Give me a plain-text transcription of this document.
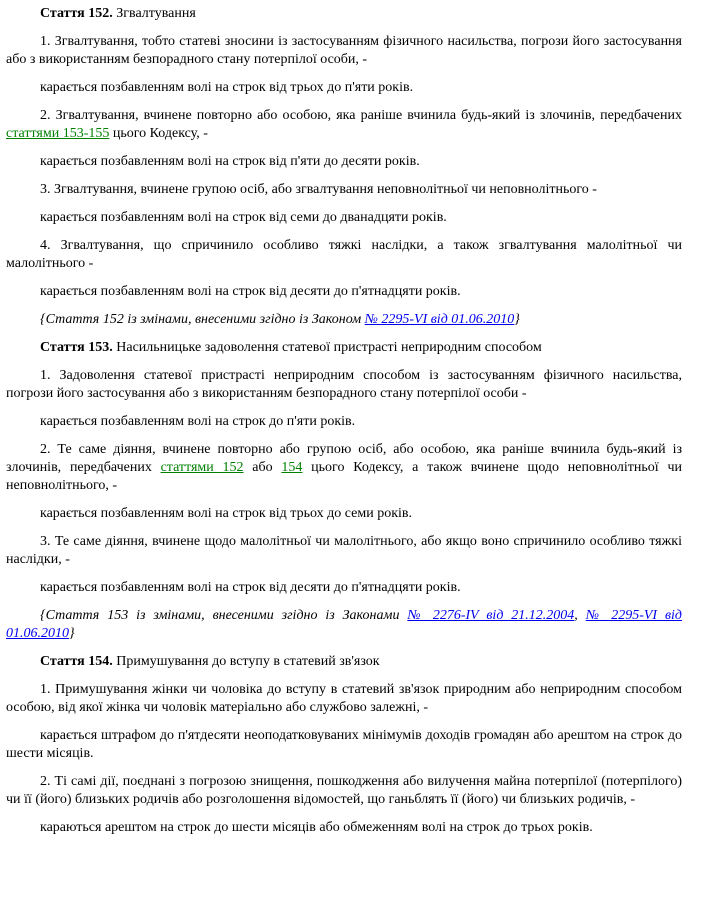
Стаття 152. Згвалтування

1. Згвалтування, тобто статеві зносини із застосуванням фізичного насильства, погрози його застосування або з використанням безпорадного стану потерпілої особи, -

карається позбавленням волі на строк від трьох до п'яти років.

2. Згвалтування, вчинене повторно або особою, яка раніше вчинила будь-який із злочинів, передбачених статтями 153-155 цього Кодексу, -

карається позбавленням волі на строк від п'яти до десяти років.

3. Згвалтування, вчинене групою осіб, або згвалтування неповнолітньої чи неповнолітнього -

карається позбавленням волі на строк від семи до дванадцяти років.

4. Згвалтування, що спричинило особливо тяжкі наслідки, а також згвалтування малолітньої чи малолітнього -

карається позбавленням волі на строк від десяти до п'ятнадцяти років.

{Стаття 152 із змінами, внесеними згідно із Законом № 2295-VI від 01.06.2010}

Стаття 153. Насильницьке задоволення статевої пристрасті неприродним способом

1. Задоволення статевої пристрасті неприродним способом із застосуванням фізичного насильства, погрози його застосування або з використанням безпорадного стану потерпілої особи -

карається позбавленням волі на строк до п'яти років.

2. Те саме діяння, вчинене повторно або групою осіб, або особою, яка раніше вчинила будь-який із злочинів, передбачених статтями 152 або 154 цього Кодексу, а також вчинене щодо неповнолітньої чи неповнолітнього, -

карається позбавленням волі на строк від трьох до семи років.

3. Те саме діяння, вчинене щодо малолітньої чи малолітнього, або якщо воно спричинило особливо тяжкі наслідки, -

карається позбавленням волі на строк від десяти до п'ятнадцяти років.

{Стаття 153 із змінами, внесеними згідно із Законами № 2276-IV від 21.12.2004, № 2295-VI від 01.06.2010}

Стаття 154. Примушування до вступу в статевий зв'язок

1. Примушування жінки чи чоловіка до вступу в статевий зв'язок природним або неприродним способом особою, від якої жінка чи чоловік матеріально або службово залежні, -

карається штрафом до п'ятдесяти неоподатковуваних мінімумів доходів громадян або арештом на строк до шести місяців.

2. Ті самі дії, поєднані з погрозою знищення, пошкодження або вилучення майна потерпілої (потерпілого) чи її (його) близьких родичів або розголошення відомостей, що ганьблять її (його) чи близьких родичів, -

караються арештом на строк до шести місяців або обмеженням волі на строк до трьох років.
